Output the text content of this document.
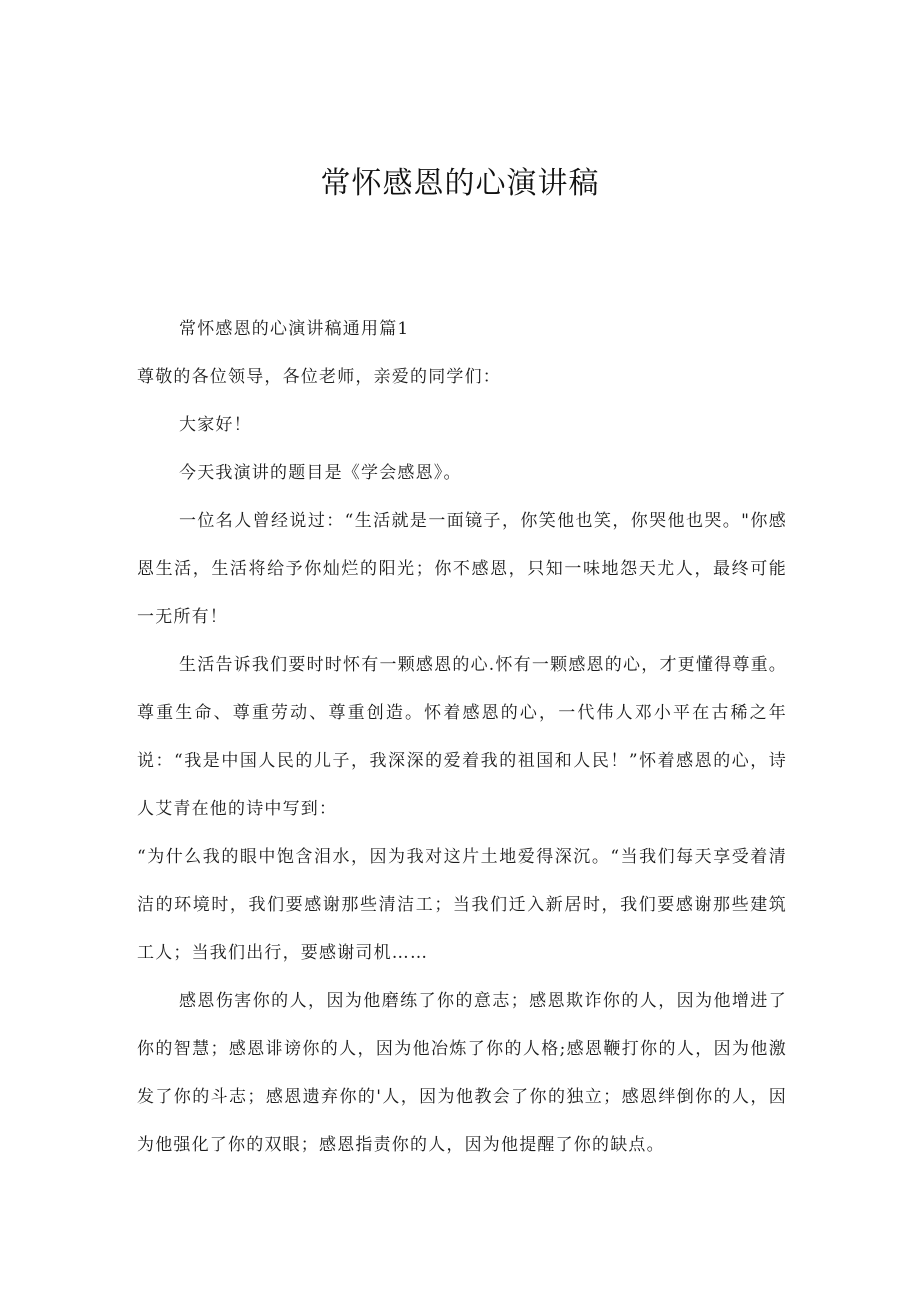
常怀感恩的心演讲稿

常怀感恩的心演讲稿通用篇1

尊敬的各位领导，各位老师，亲爱的同学们：

大家好！

今天我演讲的题目是《学会感恩》。

一位名人曾经说过：“生活就是一面镜子，你笑他也笑，你哭他也哭。"你感恩生活，生活将给予你灿烂的阳光；你不感恩，只知一味地怨天尤人，最终可能一无所有！

生活告诉我们要时时怀有一颗感恩的心.怀有一颗感恩的心，才更懂得尊重。尊重生命、尊重劳动、尊重创造。怀着感恩的心，一代伟人邓小平在古稀之年说：“我是中国人民的儿子，我深深的爱着我的祖国和人民！”怀着感恩的心，诗人艾青在他的诗中写到：

“为什么我的眼中饱含泪水，因为我对这片土地爱得深沉。“当我们每天享受着清洁的环境时，我们要感谢那些清洁工；当我们迁入新居时，我们要感谢那些建筑工人；当我们出行，要感谢司机……

感恩伤害你的人，因为他磨练了你的意志；感恩欺诈你的人，因为他增进了你的智慧；感恩诽谤你的人，因为他冶炼了你的人格;感恩鞭打你的人，因为他激发了你的斗志；感恩遗弃你的'人，因为他教会了你的独立；感恩绊倒你的人，因为他强化了你的双眼；感恩指责你的人，因为他提醒了你的缺点。
